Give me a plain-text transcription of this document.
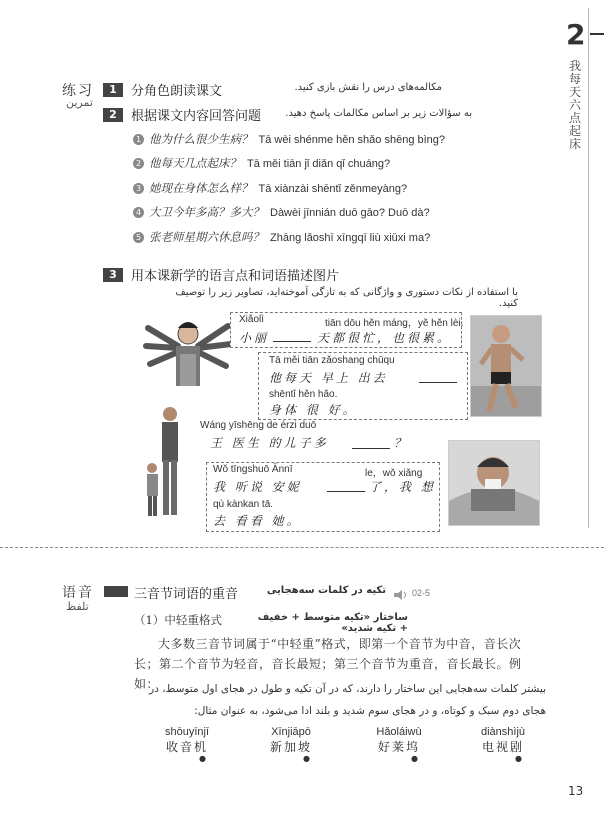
2
我每天六点起床
练习
تمرین
1	分角色朗读课文	مکالمه‌های درس را نقش بازی کنید.
2	根据课文内容回答问题	به سؤالات زیر بر اساس مکالمات پاسخ دهید.
1 他为什么很少生病？ Tā wèi shénme hěn shǎo shēng bìng?
2 他每天几点起床？ Tā měi tiān jǐ diǎn qǐ chuáng?
3 她现在身体怎么样？ Tā xiànzài shēntǐ zěnmeyàng?
4 大卫今年多高？多大？ Dàwèi jīnnián duō gāo? Duō dà?
5 张老师星期六休息吗？ Zhāng lǎoshī xīngqī liù xiūxi ma?
3	用本课新学的语言点和词语描述图片
با استفاده از نکات دستوری و واژگانی که به تازگی آموخته‌اید، تصاویر زیر را توصیف کنید.
Xiǎolì	tiān dōu hěn máng，yě hěn lèi.
小丽	天都很忙，也很累。
Tā měi tiān zǎoshang chūqu
他每天 早上 出去
shēntǐ hěn hǎo.
身体 很 好。
Wáng yīshēng de érzi duō
王 医生 的儿子多	？
Wǒ tīngshuō Ānnī	le，wǒ xiǎng
我 听说 安妮	了，我 想
qù kànkan tā.
去 看看 她。
语音
تلفظ
三音节词语的重音	تکیه در کلمات سه‌هجایی	02-5
（1）中轻重格式	ساختار «تکیه متوسط + خفیف + تکیه شدید»
大多数三音节词属于“中轻重”格式，即第一个音节为中音，音长次长；第二个音节为轻音，音长最短；第三个音节为重音，音长最长。例如：
بیشتر کلمات سه‌هجایی این ساختار را دارند، که در آن تکیه و طول در هجای اول متوسط، در هجای دوم سبک و کوتاه، و در هجای سوم شدید و بلند ادا می‌شود، به عنوان مثال:
shōuyīnjī
收音机
●
Xīnjiāpō
新加坡
●
Hǎoláiwù
好莱坞
●
diànshìjù
电视剧
●
13
